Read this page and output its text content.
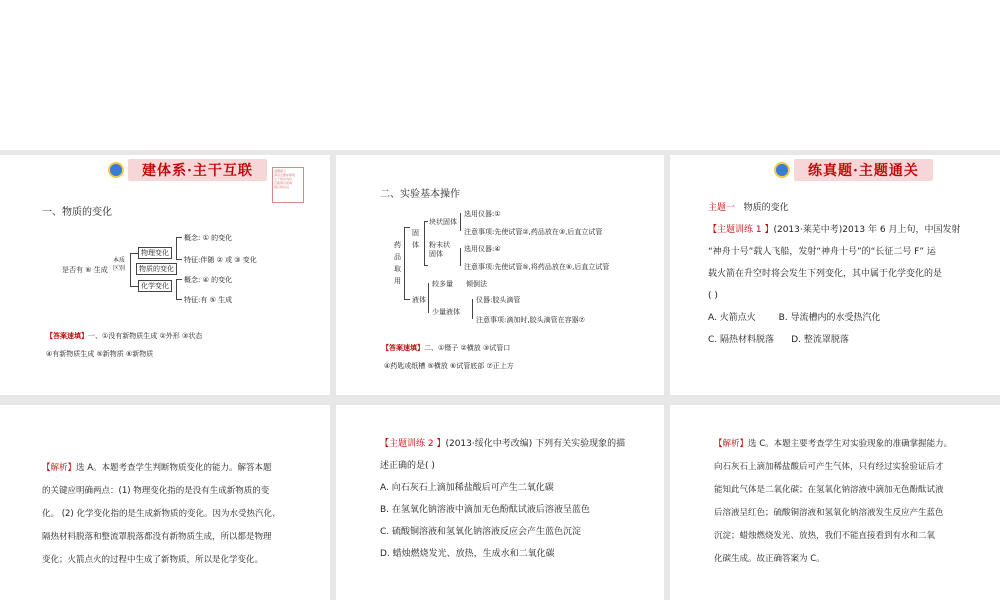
建体系·主干互联	温馨提示
请双击图标修改
主干知识内容
互联网可查询
相应知识点
一、物质的变化
是否有 ⑥ 生成
本质区别
物理变化
物质的变化
化学变化
概念: ① 的变化
特征:伴随 ② 或 ③ 变化
概念: ④ 的变化
特征:有 ⑤ 生成
【答案速填】一、①没有新物质生成 ②外形 ③状态
④有新物质生成 ⑤新物质 ⑥新物质
二、实验基本操作
药品取用
固体
块状固体
粉末状固体
选用仪器:①
注意事项:先使试管②,药品放在③,后直立试管
选用仪器:④
注意事项:先使试管⑤,将药品放在⑥,后直立试管
液体
较多量 倾倒法
少量液体
仪器:胶头滴管
注意事项:滴加时,胶头滴管在容器⑦
【答案速填】二、①镊子 ②横放 ③试管口
④药匙或纸槽 ⑤横放 ⑥试管底部 ⑦正上方
练真题·主题通关
主题一 物质的变化
【主题训练 1 】(2013·莱芜中考)2013 年 6 月上旬，中国发射
“神舟十号”载人飞船，发射“神舟十号”的“长征二号 F” 运
载火箭在升空时将会发生下列变化，其中属于化学变化的是
( )
A. 火箭点火	B. 导流槽内的水受热汽化
C. 隔热材料脱落 D. 整流罩脱落
【解析】选 A。本题考查学生判断物质变化的能力。解答本题
的关键应明确两点：(1) 物理变化指的是没有生成新物质的变
化。 (2) 化学变化指的是生成新物质的变化。因为水受热汽化、
隔热材料脱落和整流罩脱落都没有新物质生成，所以都是物理
变化；火箭点火的过程中生成了新物质，所以是化学变化。
【主题训练 2 】(2013·绥化中考改编) 下列有关实验现象的描
述正确的是( )
A. 向石灰石上滴加稀盐酸后可产生二氧化碳
B. 在氢氧化钠溶液中滴加无色酚酞试液后溶液呈蓝色
C. 硫酸铜溶液和氢氧化钠溶液反应会产生蓝色沉淀
D. 蜡烛燃烧发光、放热，生成水和二氧化碳
【解析】选 C。本题主要考查学生对实验现象的准确掌握能力。
向石灰石上滴加稀盐酸后可产生气体，只有经过实验验证后才
能知此气体是二氧化碳；在氢氧化钠溶液中滴加无色酚酞试液
后溶液呈红色；硫酸铜溶液和氢氧化钠溶液发生反应产生蓝色
沉淀；蜡烛燃烧发光、放热，我们不能直接看到有水和二氧
化碳生成。故正确答案为 C。
